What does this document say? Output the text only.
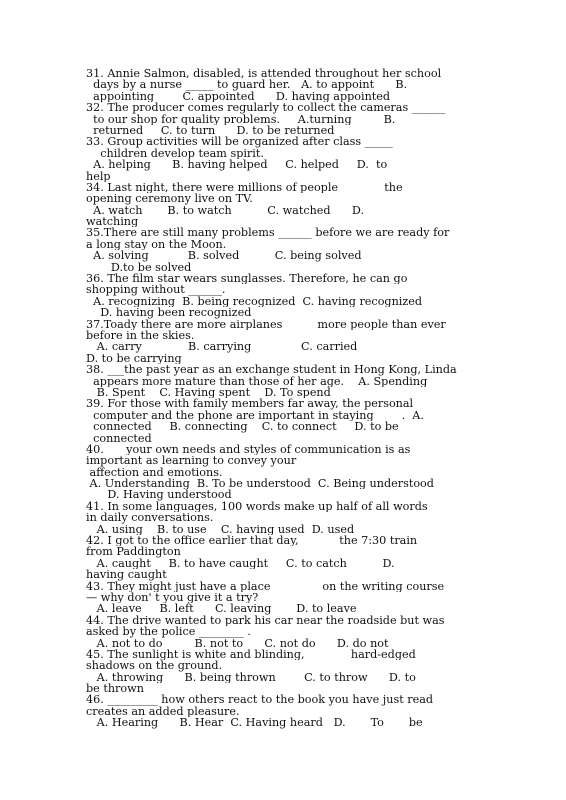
31. Annie Salmon, disabled, is attended throughout her school
days by a nurse _____ to guard her.   A. to appoint      B.
appointing        C. appointed      D. having appointed
32. The producer comes regularly to collect the cameras ______
to our shop for quality problems.     A.turning         B.
returned     C. to turn      D. to be returned
33. Group activities will be organized after class _____
children develop team spirit.
A. helping      B. having helped     C. helped     D.  to
help
34. Last night, there were millions of people _______ the
opening ceremony live on TV.
A. watch       B. to watch          C. watched      D.
watching
35.There are still many problems ______ before we are ready for
a long stay on the Moon.
A. solving           B. solved          C. being solved
D.to be solved
36. The film star wears sunglasses. Therefore, he can go
shopping without ______.
A. recognizing  B. being recognized  C. having recognized
D. having been recognized
37.Toady there are more airplanes _____ more people than ever
before in the skies.
A. carry             B. carrying              C. carried
D. to be carrying
38. ___the past year as an exchange student in Hong Kong, Linda
appears more mature than those of her age.    A. Spending
B. Spent    C. Having spent    D. To spend
39. For those with family members far away, the personal
computer and the phone are important in staying_____.  A.
connected     B. connecting    C. to connect     D. to be
connected
40.____your own needs and styles of communication is as
important as learning to convey your
affection and emotions.
A. Understanding  B. To be understood  C. Being understood
D. Having understood
41. In some languages, 100 words make up half of all words ______
in daily conversations.
A. using    B. to use    C. having used  D. used
42. I got to the office earlier that day, ______ the 7:30 train
from Paddington
A. caught     B. to have caught     C. to catch          D.
having caught
43. They might just have a place ________ on the writing course
— why don' t you give it a try?
A. leave     B. left      C. leaving       D. to leave
44. The drive wanted to park his car near the roadside but was
asked by the police ________ .
A. not to do         B. not to      C. not do      D. do not
45. The sunlight is white and blinding, _______ hard-edged
shadows on the ground.
A. throwing      B. being thrown        C. to throw      D. to
be thrown
46. _________ how others react to the book you have just read
creates an added pleasure.
A. Hearing      B. Hear  C. Having heard   D.       To       be
